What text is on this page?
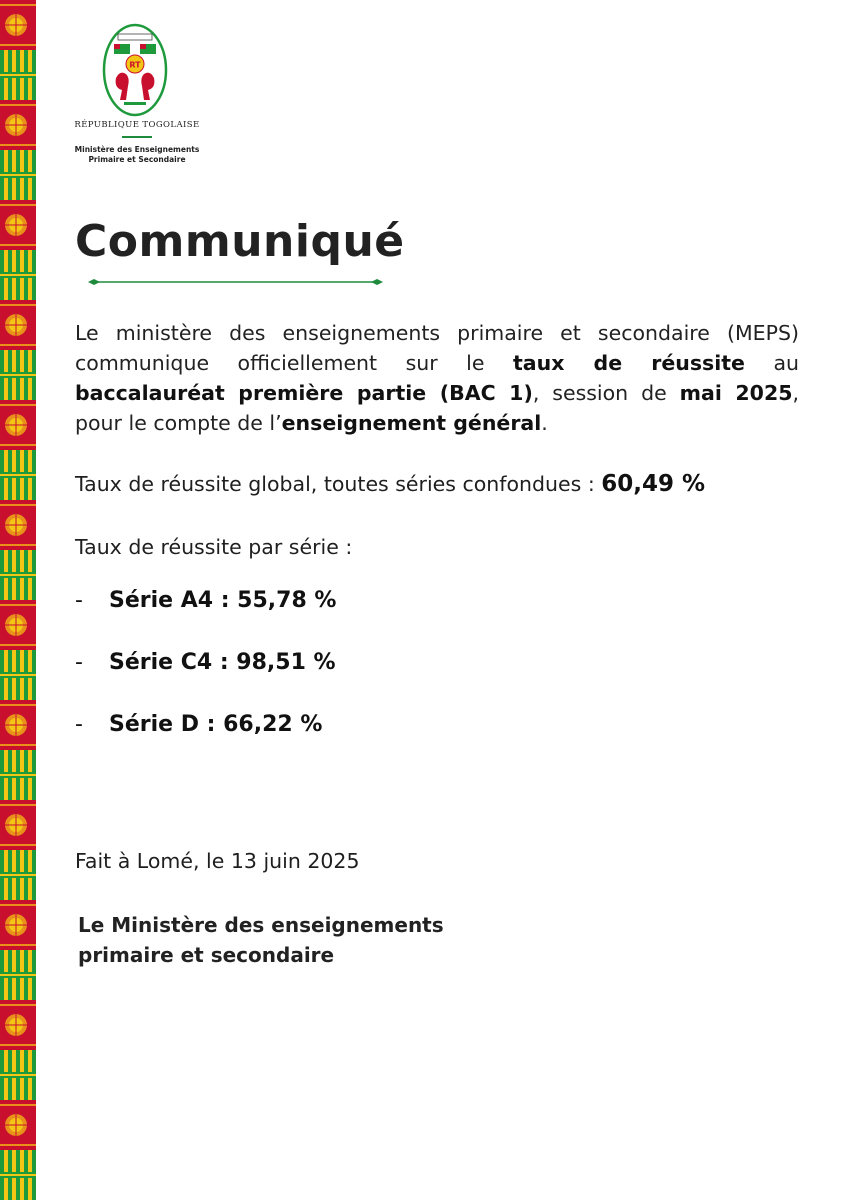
RT
RÉPUBLIQUE TOGOLAISE
Ministère des Enseignements
Primaire et Secondaire
Communiqué

Le ministère des enseignements primaire et secondaire (MEPS) communique officiellement sur le taux de réussite au baccalauréat première partie (BAC 1), session de mai 2025, pour le compte de l’enseignement général.

Taux de réussite global, toutes séries confondues : 60,49 %

Taux de réussite par série :

- Série A4 : 55,78 %
- Série C4 : 98,51 %
- Série D : 66,22 %

Fait à Lomé, le 13 juin 2025

Le Ministère des enseignements
primaire et secondaire
